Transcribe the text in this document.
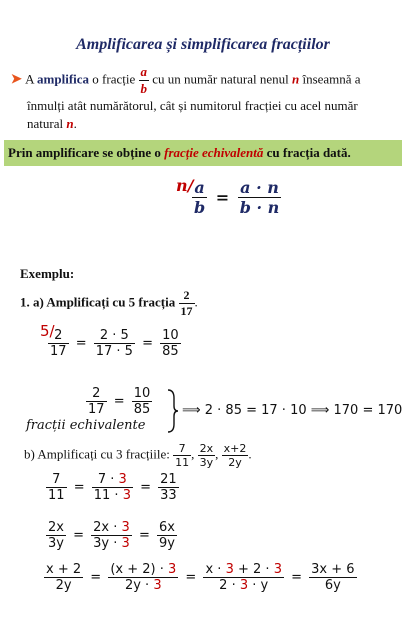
Amplificarea și simplificarea fracțiilor
➤ A amplifica o fracție $\frac{a}{b}$ cu un număr natural nenul n înseamnă a
înmulți atât numărătorul, cât și numitorul fracției cu acel număr
natural n.
Prin amplificare se obține o fracție echivalentă cu fracția dată.
n/
$\frac{a}{b} = \frac{a \cdot n}{b \cdot n}$
Exemplu:
1. a) Amplificați cu 5 fracția $\frac{2}{17}$ .
5/
$\frac{2}{17} = \frac{2 \cdot 5}{17 \cdot 5} = \frac{10}{85}$
$\frac{2}{17} = \frac{10}{85}$ ⟹ 2 · 85 = 17 · 10 ⟹ 170 = 170
fracții echivalente
b) Amplificați cu 3 fracțiile: $\frac{7}{11}$ , $\frac{2x}{3y}$ , $\frac{x+2}{2y}$ .
$\frac{7}{11} = \frac{7 \cdot 3}{11 \cdot 3} = \frac{21}{33}$
$\frac{2x}{3y} = \frac{2x \cdot 3}{3y \cdot 3} = \frac{6x}{9y}$
$\frac{x + 2}{2y} = \frac{(x + 2) \cdot 3}{2y \cdot 3} = \frac{x \cdot 3 + 2 \cdot 3}{2 \cdot 3 \cdot y} = \frac{3x + 6}{6y}$
